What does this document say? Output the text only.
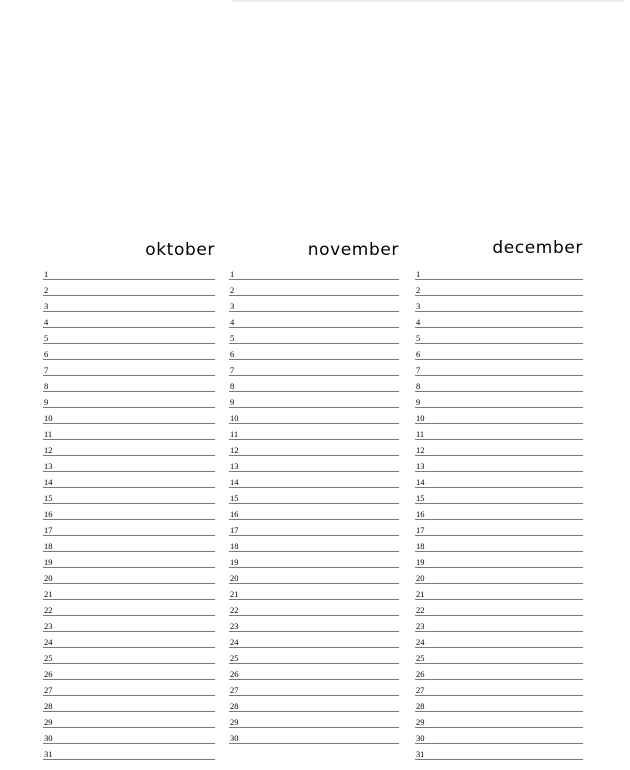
oktober
1
2
3
4
5
6
7
8
9
10
11
12
13
14
15
16
17
18
19
20
21
22
23
24
25
26
27
28
29
30
31
november
1
2
3
4
5
6
7
8
9
10
11
12
13
14
15
16
17
18
19
20
21
22
23
24
25
26
27
28
29
30
december
1
2
3
4
5
6
7
8
9
10
11
12
13
14
15
16
17
18
19
20
21
22
23
24
25
26
27
28
29
30
31
